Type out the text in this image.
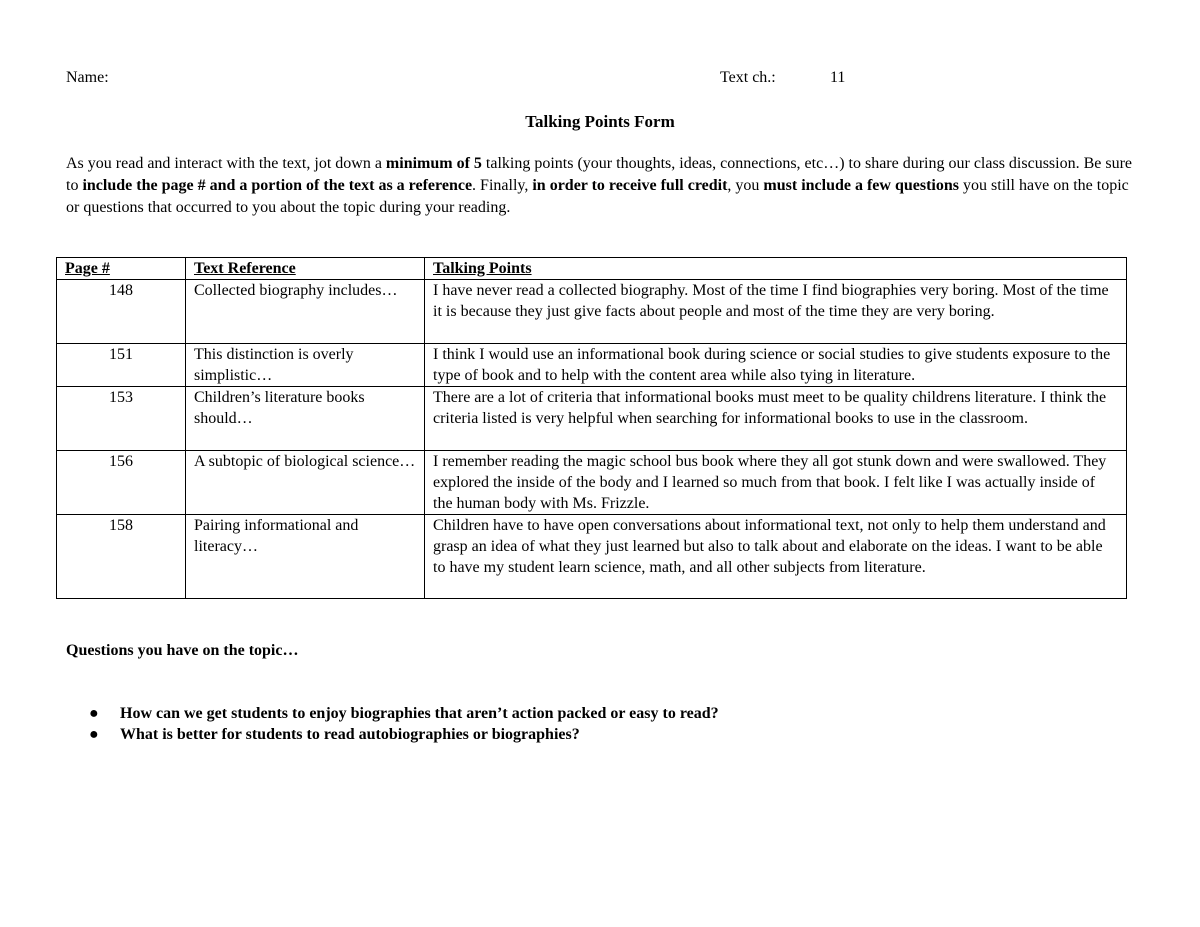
Name:	Text ch.:	11
Talking Points Form

As you read and interact with the text, jot down a minimum of 5 talking points (your thoughts, ideas, connections, etc…) to share during our class discussion. Be sure to include the page # and a portion of the text as a reference. Finally, in order to receive full credit, you must include a few questions you still have on the topic or questions that occurred to you about the topic during your reading.

Page #	Text Reference	Talking Points
148	Collected biography includes…	I have never read a collected biography. Most of the time I find biographies very boring. Most of the time it is because they just give facts about people and most of the time they are very boring.
151	This distinction is overly simplistic…	I think I would use an informational book during science or social studies to give students exposure to the type of book and to help with the content area while also tying in literature.
153	Children’s literature books should…	There are a lot of criteria that informational books must meet to be quality childrens literature. I think the criteria listed is very helpful when searching for informational books to use in the classroom.
156	A subtopic of biological science…	I remember reading the magic school bus book where they all got stunk down and were swallowed. They explored the inside of the body and I learned so much from that book. I felt like I was actually inside of the human body with Ms. Frizzle.
158	Pairing informational and literacy…	Children have to have open conversations about informational text, not only to help them understand and grasp an idea of what they just learned but also to talk about and elaborate on the ideas. I want to be able to have my student learn science, math, and all other subjects from literature.
Questions you have on the topic…
● How can we get students to enjoy biographies that aren’t action packed or easy to read?
● What is better for students to read autobiographies or biographies?
